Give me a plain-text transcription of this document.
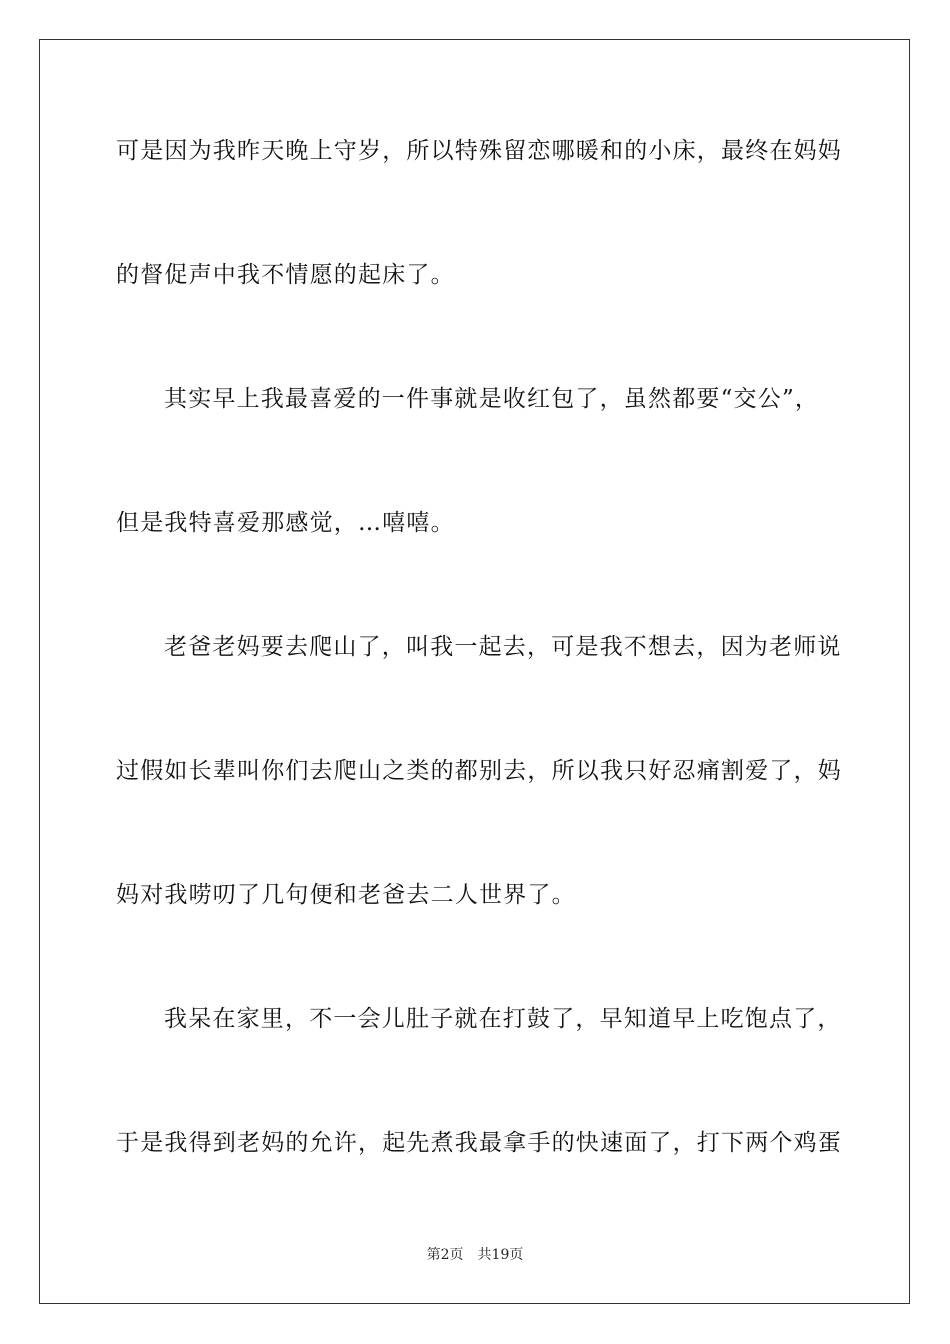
可是因为我昨天晚上守岁，所以特殊留恋哪暖和的小床，最终在妈妈
的督促声中我不情愿的起床了。
其实早上我最喜爱的一件事就是收红包了，虽然都要“交公”，
但是我特喜爱那感觉，…嘻嘻。
老爸老妈要去爬山了，叫我一起去，可是我不想去，因为老师说
过假如长辈叫你们去爬山之类的都别去，所以我只好忍痛割爱了，妈
妈对我唠叨了几句便和老爸去二人世界了。
我呆在家里，不一会儿肚子就在打鼓了，早知道早上吃饱点了，
于是我得到老妈的允许，起先煮我最拿手的快速面了，打下两个鸡蛋
第2页 共19页
